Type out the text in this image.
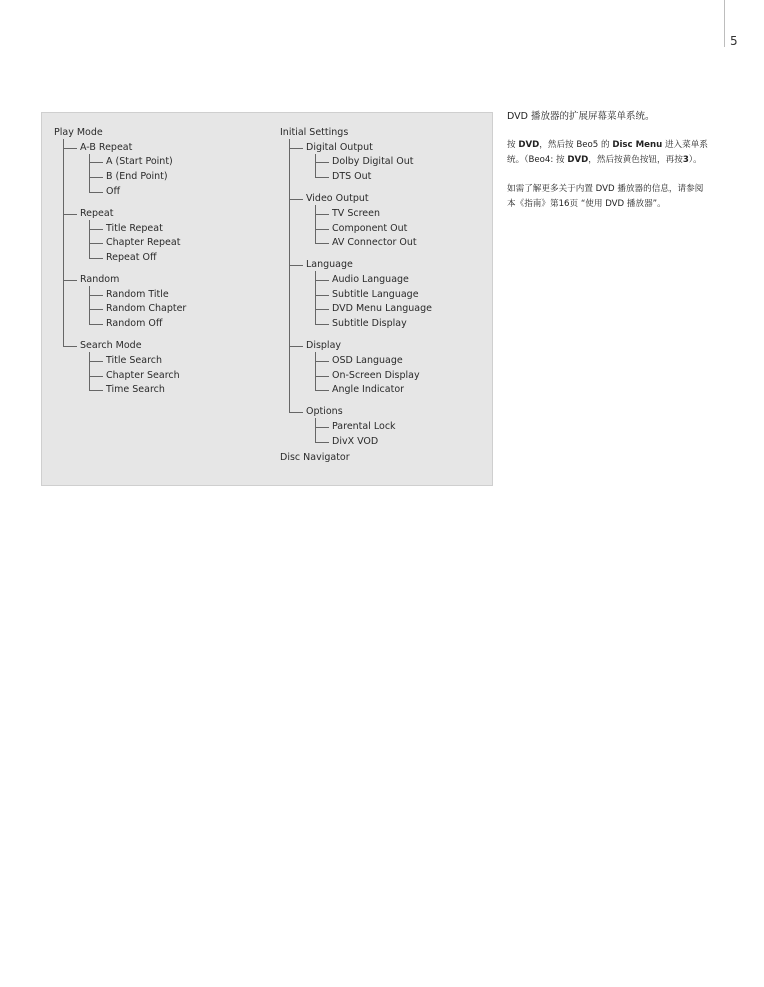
5
Play Mode
A-B Repeat
A (Start Point)
B (End Point)
Off
Repeat
Title Repeat
Chapter Repeat
Repeat Off
Random
Random Title
Random Chapter
Random Off
Search Mode
Title Search
Chapter Search
Time Search
Initial Settings
Digital Output
Dolby Digital Out
DTS Out
Video Output
TV Screen
Component Out
AV Connector Out
Language
Audio Language
Subtitle Language
DVD Menu Language
Subtitle Display
Display
OSD Language
On-Screen Display
Angle Indicator
Options
Parental Lock
DivX VOD
Disc Navigator
DVD 播放器的扩展屏幕菜单系统。
按 DVD，然后按 Beo5 的 Disc Menu 进入菜单系
统。（Beo4: 按 DVD，然后按黄色按钮，再按3）。
如需了解更多关于内置 DVD 播放器的信息，请参阅
本《指南》第16页 “使用 DVD 播放器”。
